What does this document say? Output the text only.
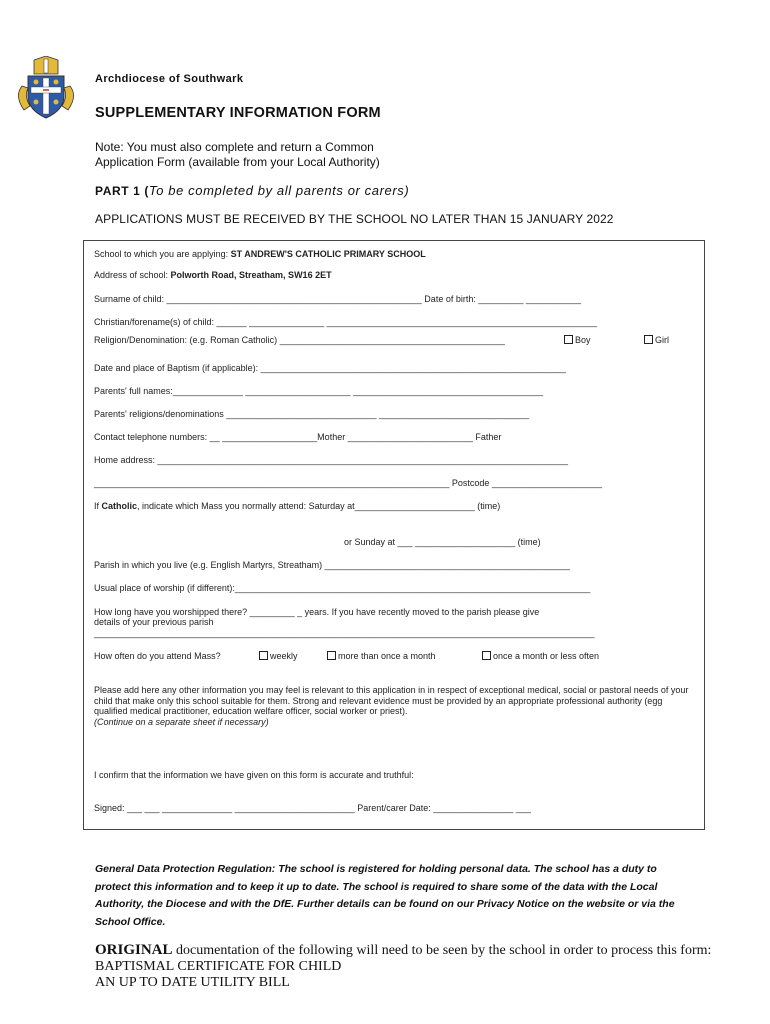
Archdiocese of Southwark
SUPPLEMENTARY INFORMATION FORM
Note: You must also complete and return a Common
Application Form (available from your Local Authority)
PART 1 (To be completed by all parents or carers)
APPLICATIONS MUST BE RECEIVED BY THE SCHOOL NO LATER THAN 15 JANUARY 2022
School to which you are applying: ST ANDREW'S CATHOLIC PRIMARY SCHOOL
Address of school: Polworth Road, Streatham, SW16 2ET
Surname of child: ___________________________________________________ Date of birth: _________ ___________
Christian/forename(s) of child: ______ _______________ ______________________________________________________
Religion/Denomination: (e.g. Roman Catholic) _____________________________________________	Boy	Girl
Date and place of Baptism (if applicable): _____________________________________________________________
Parents' full names:______________ _____________________ ______________________________________
Parents' religions/denominations ______________________________ ______________________________
Contact telephone numbers: __ ___________________Mother _________________________ Father
Home address: __________________________________________________________________________________
_______________________________________________________________________ Postcode ______________________
If Catholic, indicate which Mass you normally attend: Saturday at________________________ (time)
or Sunday at ___ ____________________ (time)
Parish in which you live (e.g. English Martyrs, Streatham) _________________________________________________
Usual place of worship (if different):_______________________________________________________________________
How long have you worshipped there? _________ _ years. If you have recently moved to the parish please give
details of your previous parish
____________________________________________________________________________________________________
How often do you attend Mass?	weekly	more than once a month	once a month or less often
Please add here any other information you may feel is relevant to this application in in respect of exceptional medical, social or pastoral needs of your child that make only this school suitable for them. Strong and relevant evidence must be provided by an appropriate professional authority (egg qualified medical practitioner, education welfare officer, social worker or priest).
(Continue on a separate sheet if necessary)
I confirm that the information we have given on this form is accurate and truthful:
Signed: ___ ___ ______________ ________________________ Parent/carer Date: ________________ ___
General Data Protection Regulation: The school is registered for holding personal data. The school has a duty to protect this information and to keep it up to date. The school is required to share some of the data with the Local Authority, the Diocese and with the DfE. Further details can be found on our Privacy Notice on the website or via the School Office.
ORIGINAL documentation of the following will need to be seen by the school in order to process this form:
BAPTISMAL CERTIFICATE FOR CHILD
AN UP TO DATE UTILITY BILL
